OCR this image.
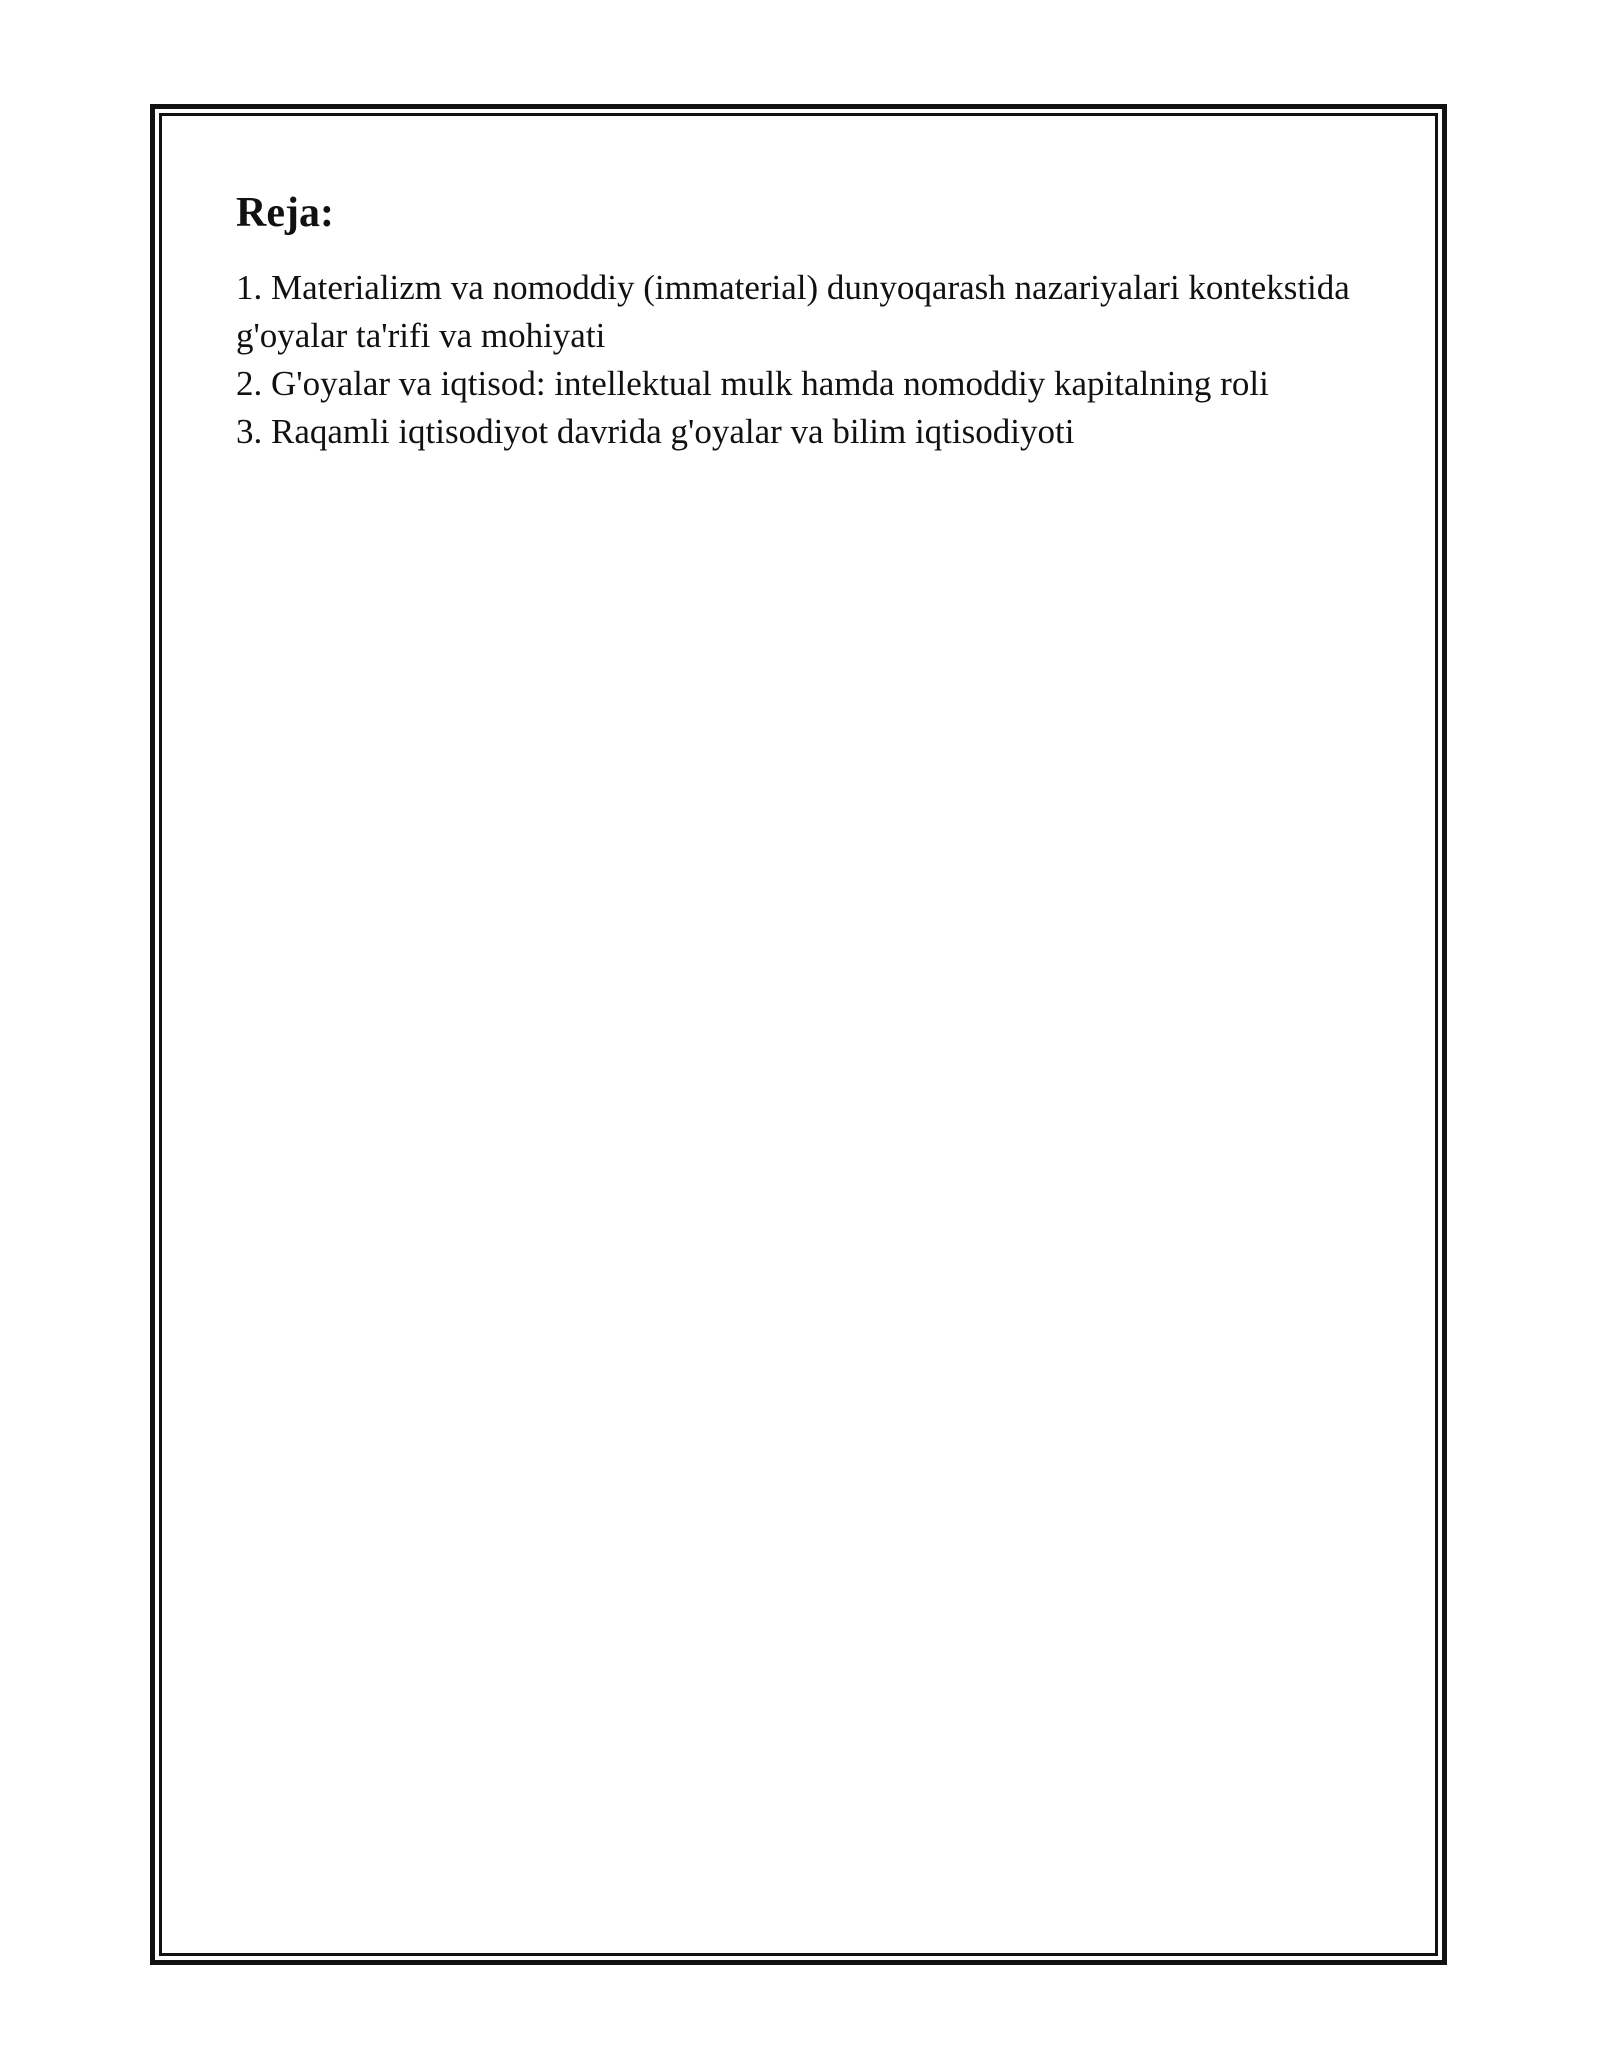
Reja:
1. Materializm va nomoddiy (immaterial) dunyoqarash nazariyalari kontekstida g'oyalar ta'rifi va mohiyati
2. G'oyalar va iqtisod: intellektual mulk hamda nomoddiy kapitalning roli
3. Raqamli iqtisodiyot davrida g'oyalar va bilim iqtisodiyoti
